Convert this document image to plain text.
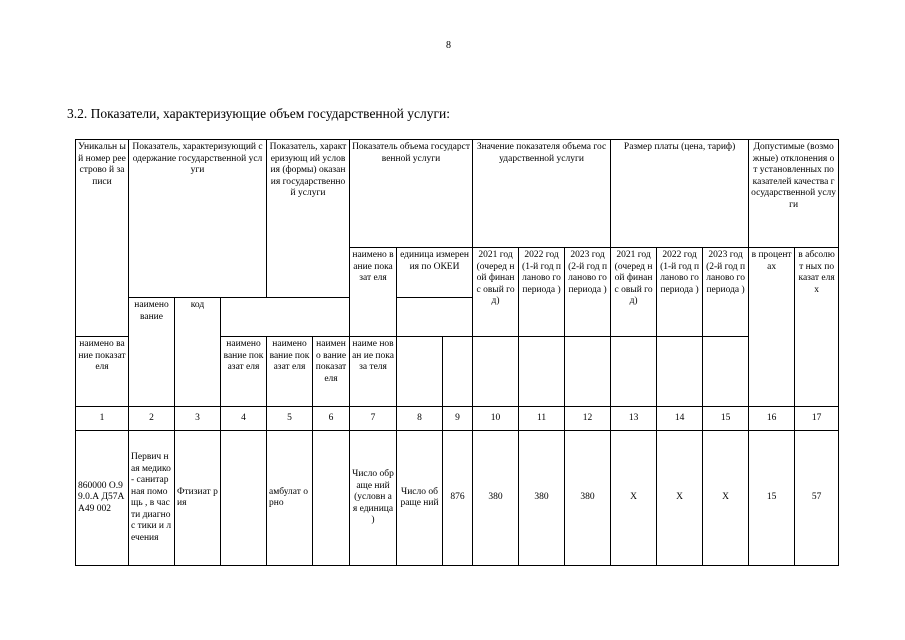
8
3.2. Показатели, характеризующие объем государственной услуги:
Уникальн ый номер реестрово й записи	Показатель, характеризующий содержание государственной услуги			Показатель, характеризующ ий условия (формы) оказания государственно й услуги		Показатель объема государственной услуги			Значение показателя объема государственной услуги			Размер платы (цена, тариф)			Допустимые (возможные) отклонения от установленных показателей качества государственной услуги	
						наимено вание показат еля	единица измерения по ОКЕИ		2021 год (очеред ной финанс овый год)	2022 год (1-й год планово го периода )	2023 год (2-й год планово го периода )	2021 год (очеред ной финанс овый год)	2022 год (1-й год планово го периода )	2023 год (2-й год планово го периода )	в процент ах	в абсолют ных показат елях
	наимено вание	код														
наимено вание показат еля			наимено вание показат еля	наимено вание показат еля	наимено вание показат еля	наиме нован ие показа теля										
1	2	3	4	5	6	7	8	9	10	11	12	13	14	15	16	17
860000 О.99.0.А Д57АА49 002	Первич ная медико- санитар ная помощь , в части диагнос тики и лечения	Фтизиат рия		амбулат орно		Число обраще ний (условн ая единица )	Число обраще ний	876	380	380	380	Х	Х	Х	15	57
